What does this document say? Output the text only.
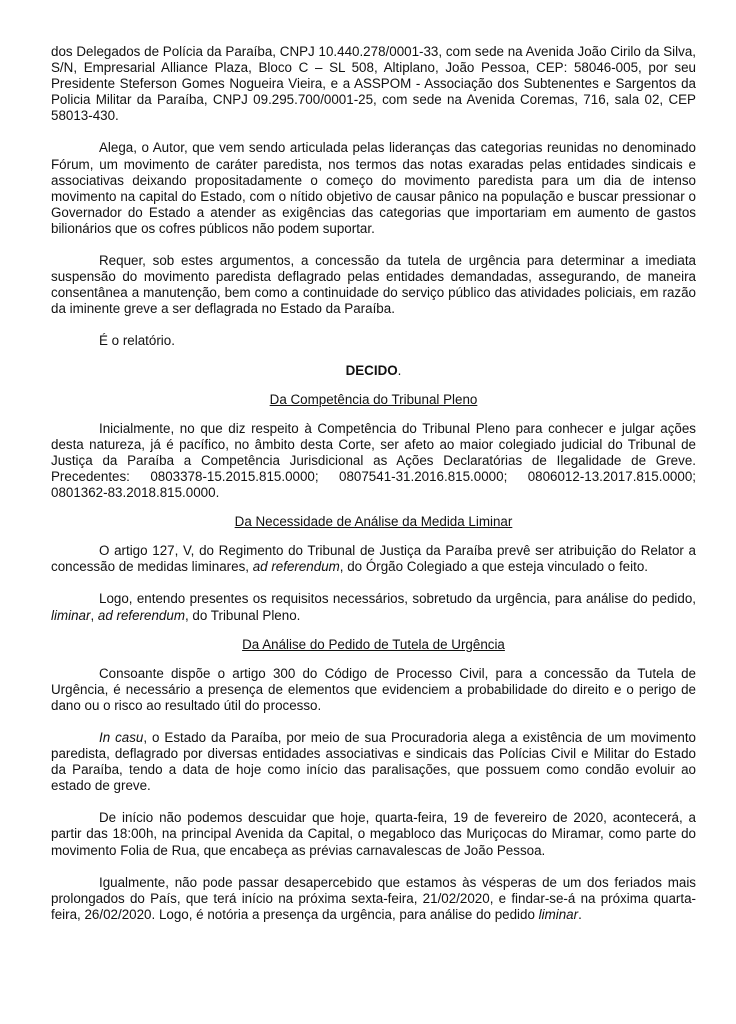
dos Delegados de Polícia da Paraíba, CNPJ 10.440.278/0001-33, com sede na Avenida João Cirilo da Silva, S/N, Empresarial Alliance Plaza, Bloco C – SL 508, Altiplano, João Pessoa, CEP: 58046-005, por seu Presidente Steferson Gomes Nogueira Vieira, e a ASSPOM - Associação dos Subtenentes e Sargentos da Policia Militar da Paraíba, CNPJ 09.295.700/0001-25, com sede na Avenida Coremas, 716, sala 02, CEP 58013-430.

Alega, o Autor, que vem sendo articulada pelas lideranças das categorias reunidas no denominado Fórum, um movimento de caráter paredista, nos termos das notas exaradas pelas entidades sindicais e associativas deixando propositadamente o começo do movimento paredista para um dia de intenso movimento na capital do Estado, com o nítido objetivo de causar pânico na população e buscar pressionar o Governador do Estado a atender as exigências das categorias que importariam em aumento de gastos bilionários que os cofres públicos não podem suportar.

Requer, sob estes argumentos, a concessão da tutela de urgência para determinar a imediata suspensão do movimento paredista deflagrado pelas entidades demandadas, assegurando, de maneira consentânea a manutenção, bem como a continuidade do serviço público das atividades policiais, em razão da iminente greve a ser deflagrada no Estado da Paraíba.

É o relatório.

DECIDO.

Da Competência do Tribunal Pleno

Inicialmente, no que diz respeito à Competência do Tribunal Pleno para conhecer e julgar ações desta natureza, já é pacífico, no âmbito desta Corte, ser afeto ao maior colegiado judicial do Tribunal de Justiça da Paraíba a Competência Jurisdicional as Ações Declaratórias de Ilegalidade de Greve. Precedentes: 0803378-15.2015.815.0000; 0807541-31.2016.815.0000; 0806012-13.2017.815.0000; 0801362-83.2018.815.0000.

Da Necessidade de Análise da Medida Liminar

O artigo 127, V, do Regimento do Tribunal de Justiça da Paraíba prevê ser atribuição do Relator a concessão de medidas liminares, ad referendum, do Órgão Colegiado a que esteja vinculado o feito.

Logo, entendo presentes os requisitos necessários, sobretudo da urgência, para análise do pedido, liminar, ad referendum, do Tribunal Pleno.

Da Análise do Pedido de Tutela de Urgência

Consoante dispõe o artigo 300 do Código de Processo Civil, para a concessão da Tutela de Urgência, é necessário a presença de elementos que evidenciem a probabilidade do direito e o perigo de dano ou o risco ao resultado útil do processo.

In casu, o Estado da Paraíba, por meio de sua Procuradoria alega a existência de um movimento paredista, deflagrado por diversas entidades associativas e sindicais das Polícias Civil e Militar do Estado da Paraíba, tendo a data de hoje como início das paralisações, que possuem como condão evoluir ao estado de greve.

De início não podemos descuidar que hoje, quarta-feira, 19 de fevereiro de 2020, acontecerá, a partir das 18:00h, na principal Avenida da Capital, o megabloco das Muriçocas do Miramar, como parte do movimento Folia de Rua, que encabeça as prévias carnavalescas de João Pessoa.

Igualmente, não pode passar desapercebido que estamos às vésperas de um dos feriados mais prolongados do País, que terá início na próxima sexta-feira, 21/02/2020, e findar-se-á na próxima quarta-feira, 26/02/2020. Logo, é notória a presença da urgência, para análise do pedido liminar.
